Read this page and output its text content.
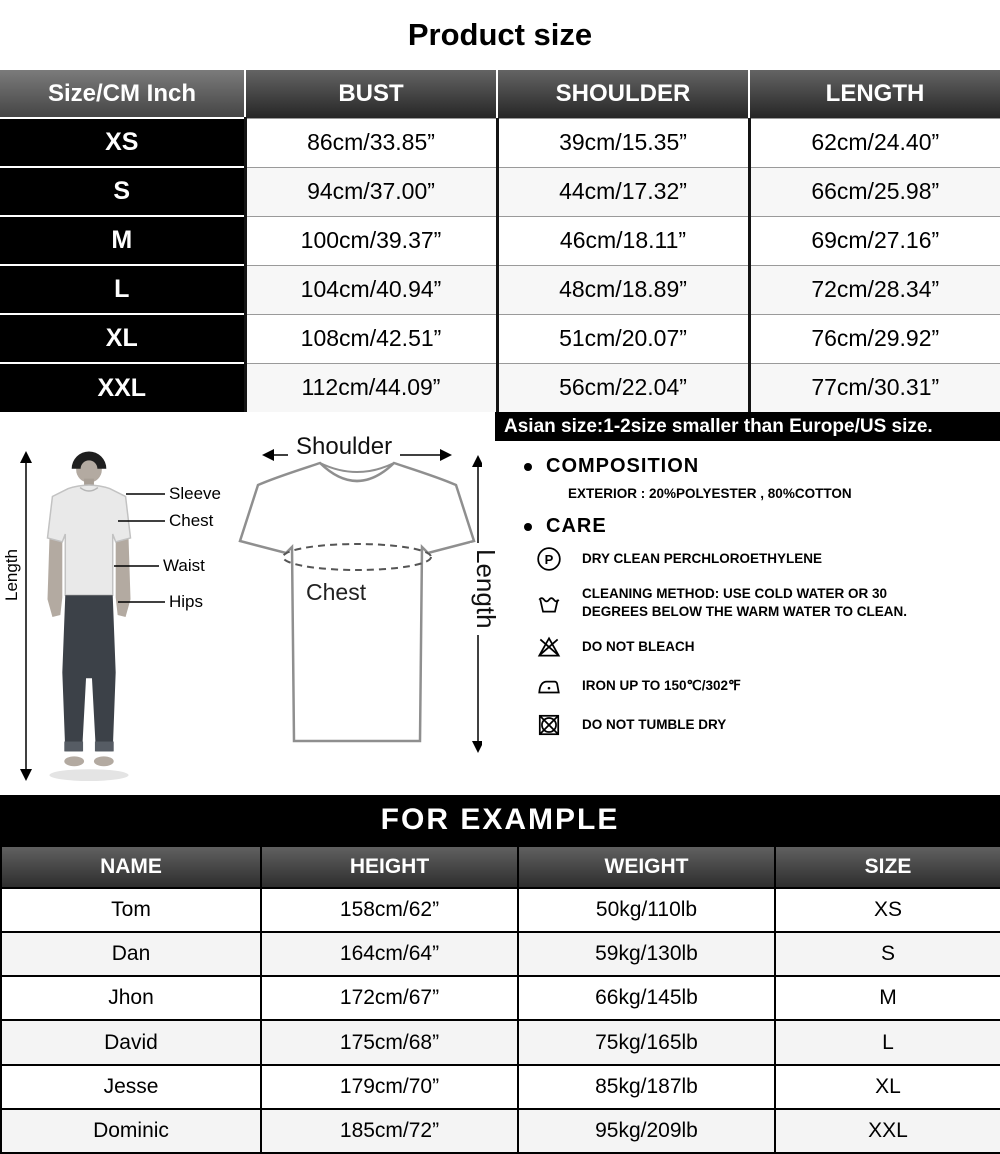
Product size
Size/CM Inch	BUST	SHOULDER	LENGTH
XS	86cm/33.85”	39cm/15.35”	62cm/24.40”
S	94cm/37.00”	44cm/17.32”	66cm/25.98”
M	100cm/39.37”	46cm/18.11”	69cm/27.16”
L	104cm/40.94”	48cm/18.89”	72cm/28.34”
XL	108cm/42.51”	51cm/20.07”	76cm/29.92”
XXL	112cm/44.09”	56cm/22.04”	77cm/30.31”
Asian size:1-2size smaller than Europe/US size.
Length
Sleeve
Chest
Waist
Hips
Shoulder
Chest	Length
COMPOSITION
EXTERIOR : 20%POLYESTER , 80%COTTON
CARE
P DRY CLEAN PERCHLOROETHYLENE
CLEANING METHOD: USE COLD WATER OR 30 DEGREES BELOW THE WARM WATER TO CLEAN.
DO NOT BLEACH
IRON UP TO 150℃/302℉
DO NOT TUMBLE DRY
FOR EXAMPLE
NAME	HEIGHT	WEIGHT	SIZE
Tom	158cm/62”	50kg/110lb	XS
Dan	164cm/64”	59kg/130lb	S
Jhon	172cm/67”	66kg/145lb	M
David	175cm/68”	75kg/165lb	L
Jesse	179cm/70”	85kg/187lb	XL
Dominic	185cm/72”	95kg/209lb	XXL
